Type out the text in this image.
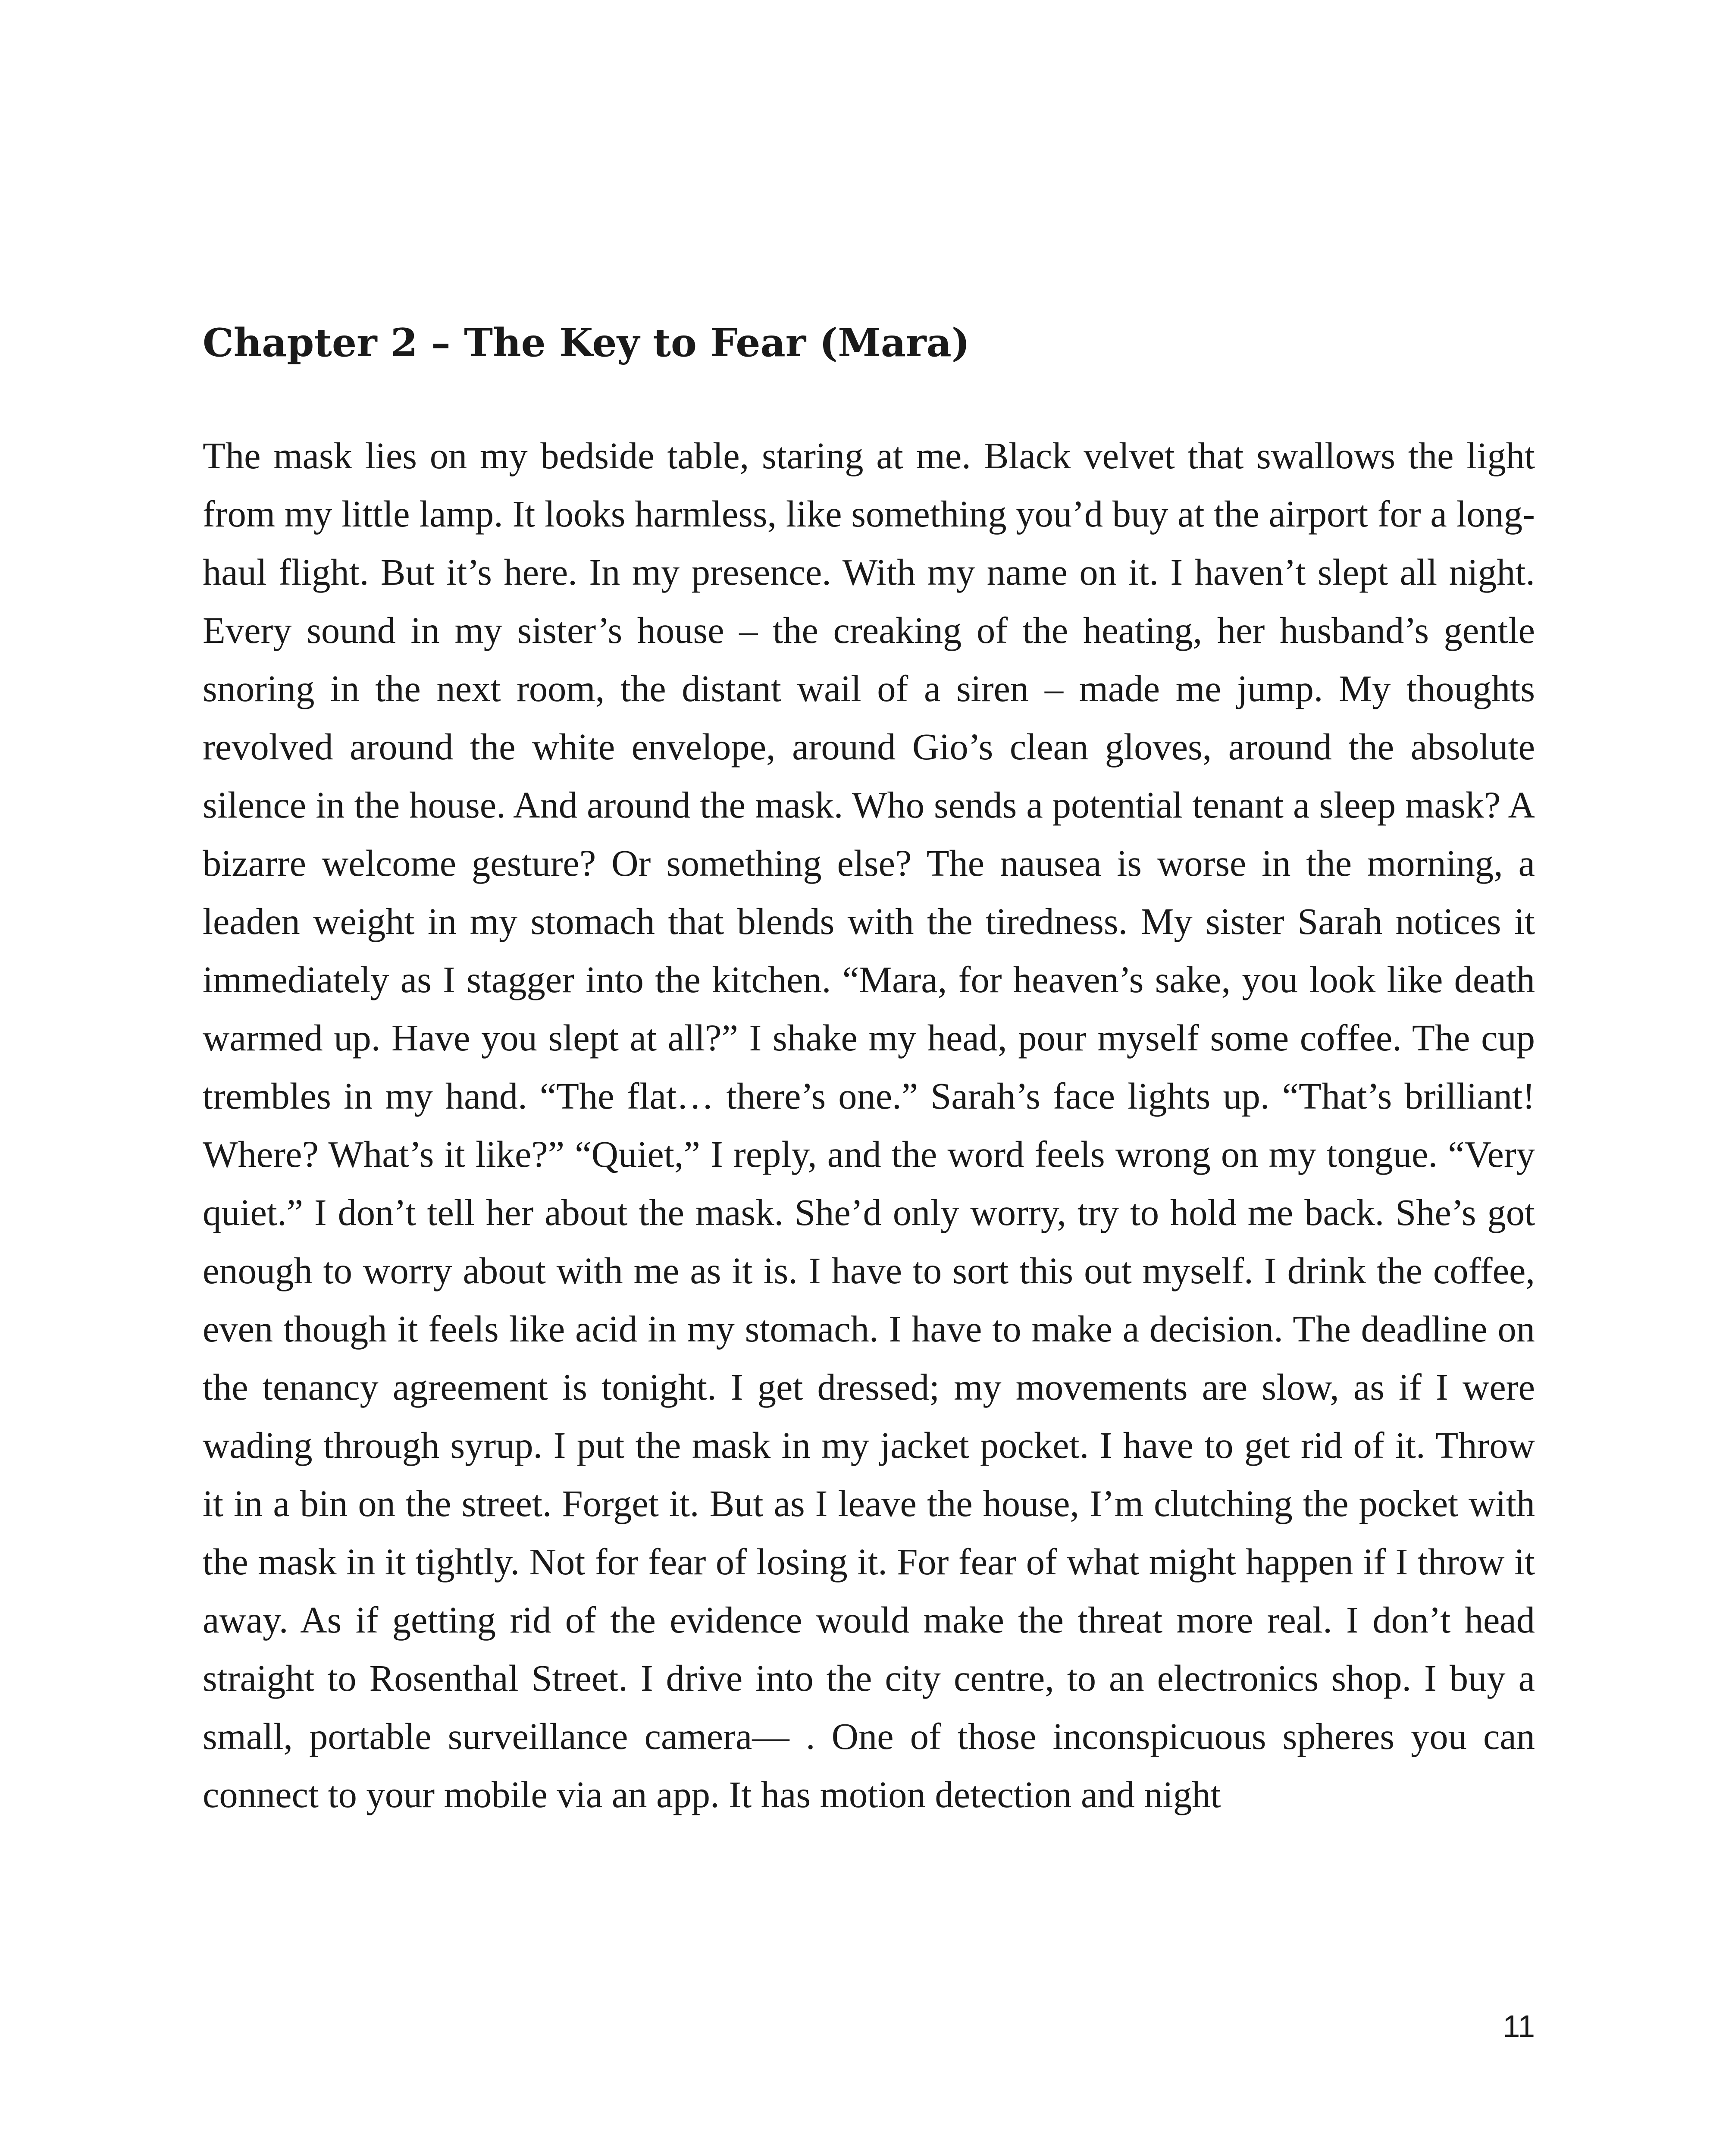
Chapter 2 – The Key to Fear (Mara)

The mask lies on my bedside table, staring at me. Black velvet that swallows the light from my little lamp. It looks harmless, like something you’d buy at the airport for a long-haul flight. But it’s here. In my presence. With my name on it. I haven’t slept all night. Every sound in my sister’s house – the creaking of the heating, her husband’s gentle snoring in the next room, the distant wail of a siren – made me jump. My thoughts revolved around the white envelope, around Gio’s clean gloves, around the absolute silence in the house. And around the mask. Who sends a potential tenant a sleep mask? A bizarre welcome gesture? Or something else? The nausea is worse in the morning, a leaden weight in my stomach that blends with the tiredness. My sister Sarah notices it immediately as I stagger into the kitchen. “Mara, for heaven’s sake, you look like death warmed up. Have you slept at all?” I shake my head, pour myself some coffee. The cup trembles in my hand. “The flat… there’s one.” Sarah’s face lights up. “That’s brilliant! Where? What’s it like?” “Quiet,” I reply, and the word feels wrong on my tongue. “Very quiet.” I don’t tell her about the mask. She’d only worry, try to hold me back. She’s got enough to worry about with me as it is. I have to sort this out myself. I drink the coffee, even though it feels like acid in my stomach. I have to make a decision. The deadline on the tenancy agreement is tonight. I get dressed; my movements are slow, as if I were wading through syrup. I put the mask in my jacket pocket. I have to get rid of it. Throw it in a bin on the street. Forget it. But as I leave the house, I’m clutching the pocket with the mask in it tightly. Not for fear of losing it. For fear of what might happen if I throw it away. As if getting rid of the evidence would make the threat more real. I don’t head straight to Rosenthal Street. I drive into the city centre, to an electronics shop. I buy a small, portable surveillance camera— . One of those inconspicuous spheres you can connect to your mobile via an app. It has motion detection and night

11
